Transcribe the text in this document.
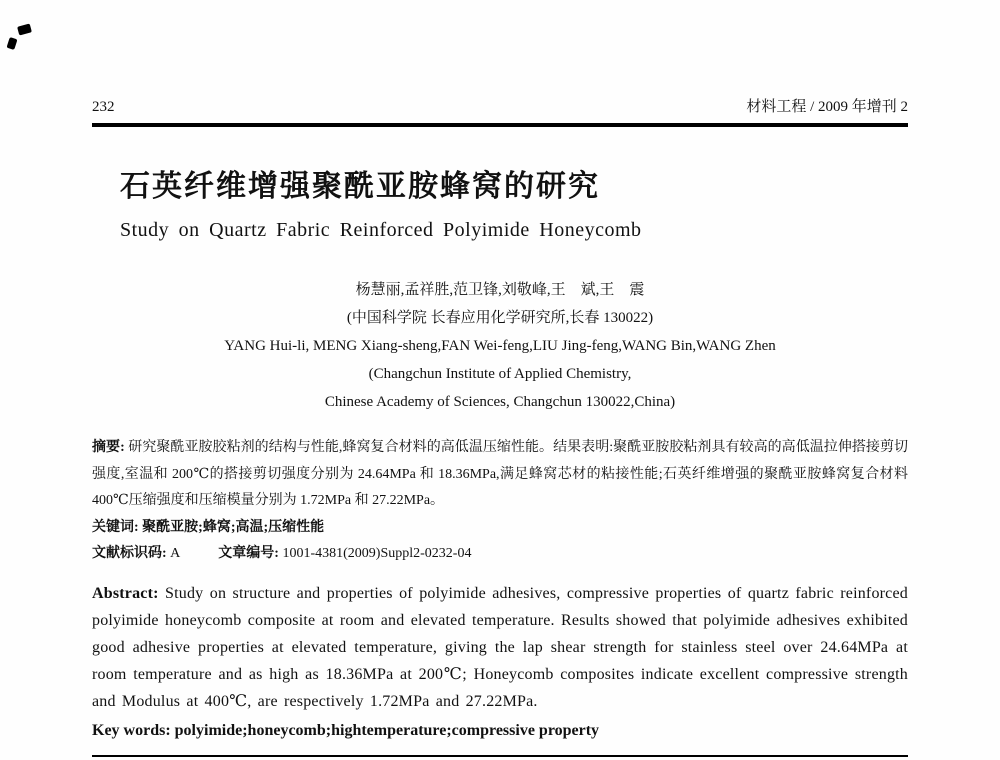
232	材料工程 / 2009 年增刊 2
石英纤维增强聚酰亚胺蜂窝的研究
Study on Quartz Fabric Reinforced Polyimide Honeycomb
杨慧丽,孟祥胜,范卫锋,刘敬峰,王　斌,王　震
(中国科学院 长春应用化学研究所,长春 130022)
YANG Hui-li, MENG Xiang-sheng,FAN Wei-feng,LIU Jing-feng,WANG Bin,WANG Zhen
(Changchun Institute of Applied Chemistry,
Chinese Academy of Sciences, Changchun 130022,China)

摘要: 研究聚酰亚胺胶粘剂的结构与性能,蜂窝复合材料的高低温压缩性能。结果表明:聚酰亚胺胶粘剂具有较高的高低温拉伸搭接剪切强度,室温和 200℃的搭接剪切强度分别为 24.64MPa 和 18.36MPa,满足蜂窝芯材的粘接性能;石英纤维增强的聚酰亚胺蜂窝复合材料 400℃压缩强度和压缩模量分别为 1.72MPa 和 27.22MPa。

关键词: 聚酰亚胺;蜂窝;高温;压缩性能

文献标识码: A	文章编号: 1001-4381(2009)Suppl2-0232-04

Abstract: Study on structure and properties of polyimide adhesives, compressive properties of quartz fabric reinforced polyimide honeycomb composite at room and elevated temperature. Results showed that polyimide adhesives exhibited good adhesive properties at elevated temperature, giving the lap shear strength for stainless steel over 24.64MPa at room temperature and as high as 18.36MPa at 200℃; Honeycomb composites indicate excellent compressive strength and Modulus at 400℃, are respectively 1.72MPa and 27.22MPa.

Key words: polyimide;honeycomb;hightemperature;compressive property
